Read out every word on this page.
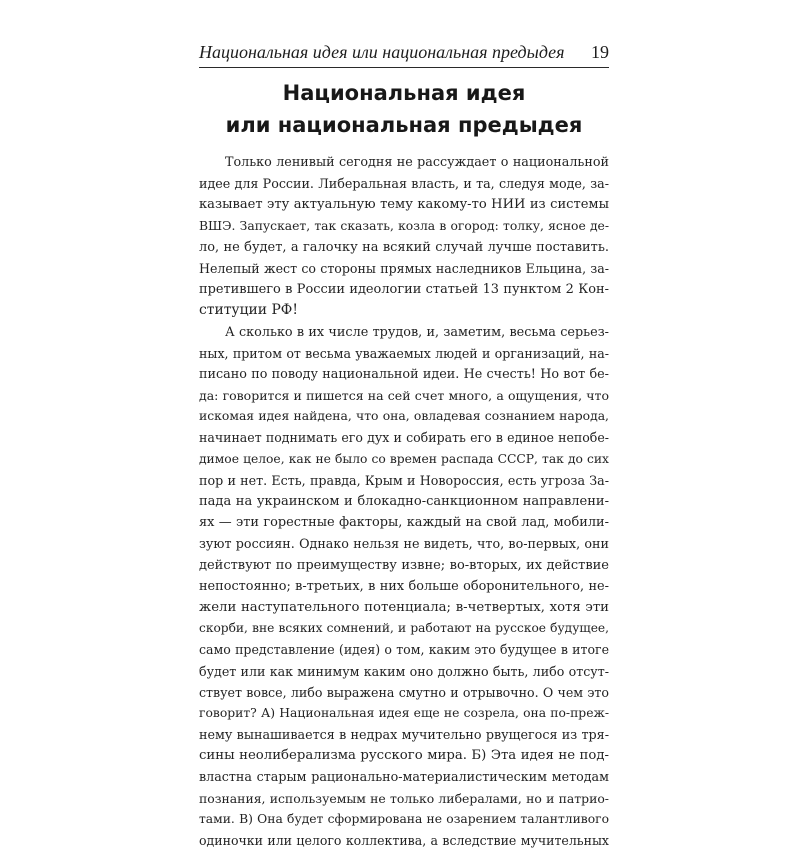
Национальная идея или национальная предыдея 19
Национальная идея
или национальная предыдея
Только ленивый сегодня не рассуждает о национальной
идее для России. Либеральная власть, и та, следуя моде, за-
казывает эту актуальную тему какому-то НИИ из системы
ВШЭ. Запускает, так сказать, козла в огород: толку, ясное де-
ло, не будет, а галочку на всякий случай лучше поставить.
Нелепый жест со стороны прямых наследников Ельцина, за-
претившего в России идеологии статьей 13 пунктом 2 Кон-
ституции РФ!
А сколько в их числе трудов, и, заметим, весьма серьез-
ных, притом от весьма уважаемых людей и организаций, на-
писано по поводу национальной идеи. Не счесть! Но вот бе-
да: говорится и пишется на сей счет много, а ощущения, что
искомая идея найдена, что она, овладевая сознанием народа,
начинает поднимать его дух и собирать его в единое непобе-
димое целое, как не было со времен распада СССР, так до сих
пор и нет. Есть, правда, Крым и Новороссия, есть угроза За-
пада на украинском и блокадно-санкционном направлени-
ях — эти горестные факторы, каждый на свой лад, мобили-
зуют россиян. Однако нельзя не видеть, что, во-первых, они
действуют по преимуществу извне; во-вторых, их действие
непостоянно; в-третьих, в них больше оборонительного, не-
жели наступательного потенциала; в-четвертых, хотя эти
скорби, вне всяких сомнений, и работают на русское будущее,
само представление (идея) о том, каким это будущее в итоге
будет или как минимум каким оно должно быть, либо отсут-
ствует вовсе, либо выражена смутно и отрывочно. О чем это
говорит? А) Национальная идея еще не созрела, она по-преж-
нему вынашивается в недрах мучительно рвущегося из тря-
сины неолиберализма русского мира. Б) Эта идея не под-
властна старым рационально-материалистическим методам
познания, используемым не только либералами, но и патрио-
тами. В) Она будет сформирована не озарением талантливого
одиночки или целого коллектива, а вследствие мучительных
